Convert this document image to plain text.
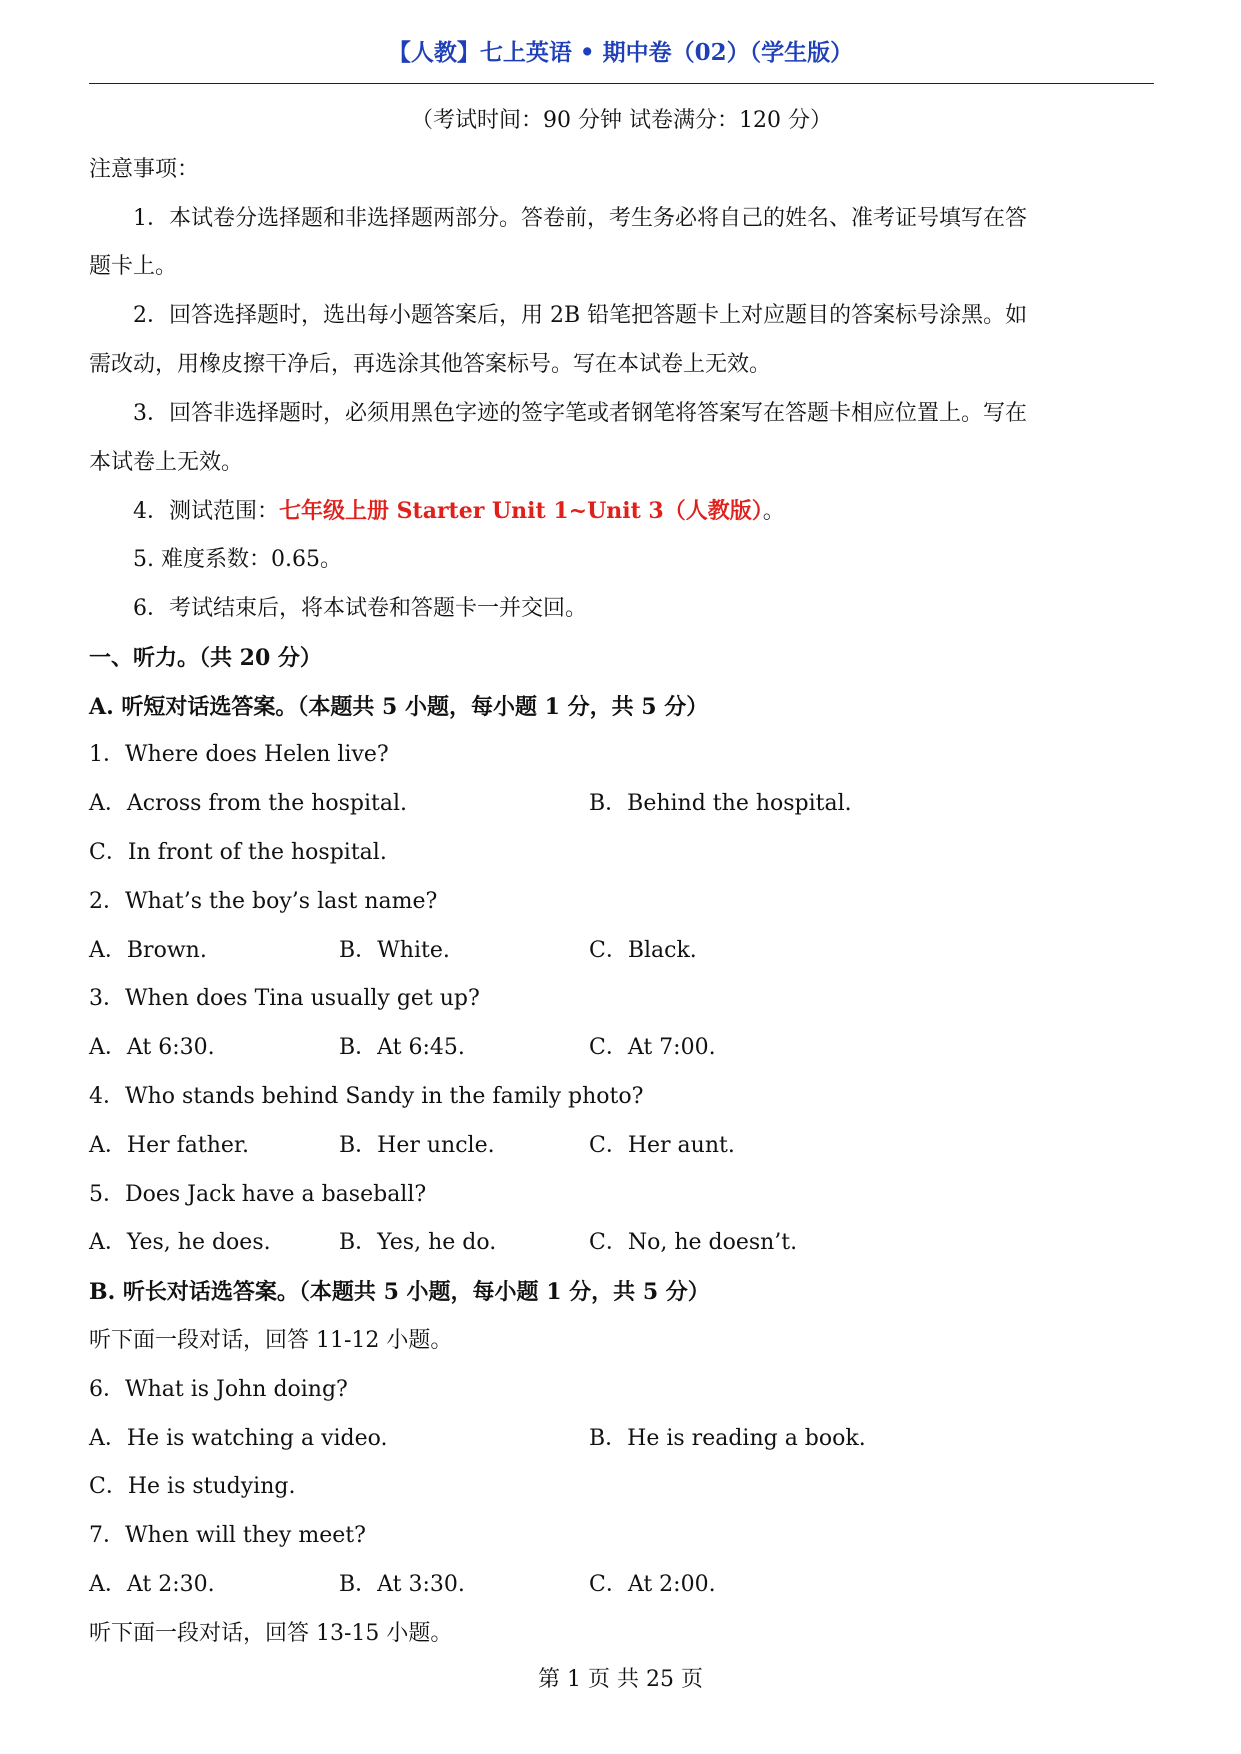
【人教】七上英语 • 期中卷（02）（学生版）
（考试时间：90 分钟 试卷满分：120 分）
注意事项：
1．本试卷分选择题和非选择题两部分。答卷前，考生务必将自己的姓名、准考证号填写在答
题卡上。
2．回答选择题时，选出每小题答案后，用 2B 铅笔把答题卡上对应题目的答案标号涂黑。如
需改动，用橡皮擦干净后，再选涂其他答案标号。写在本试卷上无效。
3．回答非选择题时，必须用黑色字迹的签字笔或者钢笔将答案写在答题卡相应位置上。写在
本试卷上无效。
4．测试范围：七年级上册 Starter Unit 1~Unit 3（人教版）。
5. 难度系数：0.65。
6．考试结束后，将本试卷和答题卡一并交回。
一、听力。（共 20 分）
A. 听短对话选答案。（本题共 5 小题，每小题 1 分，共 5 分）
1．Where does Helen live?
A．Across from the hospital.	B．Behind the hospital.
C．In front of the hospital.
2．What’s the boy’s last name?
A．Brown.	B．White.	C．Black.
3．When does Tina usually get up?
A．At 6:30.	B．At 6:45.	C．At 7:00.
4．Who stands behind Sandy in the family photo?
A．Her father.	B．Her uncle.	C．Her aunt.
5．Does Jack have a baseball?
A．Yes, he does.	B．Yes, he do.	C．No, he doesn’t.
B. 听长对话选答案。（本题共 5 小题，每小题 1 分，共 5 分）
听下面一段对话，回答 11-12 小题。
6．What is John doing?
A．He is watching a video.	B．He is reading a book.
C．He is studying.
7．When will they meet?
A．At 2:30.	B．At 3:30.	C．At 2:00.
听下面一段对话，回答 13-15 小题。
第 1 页 共 25 页
